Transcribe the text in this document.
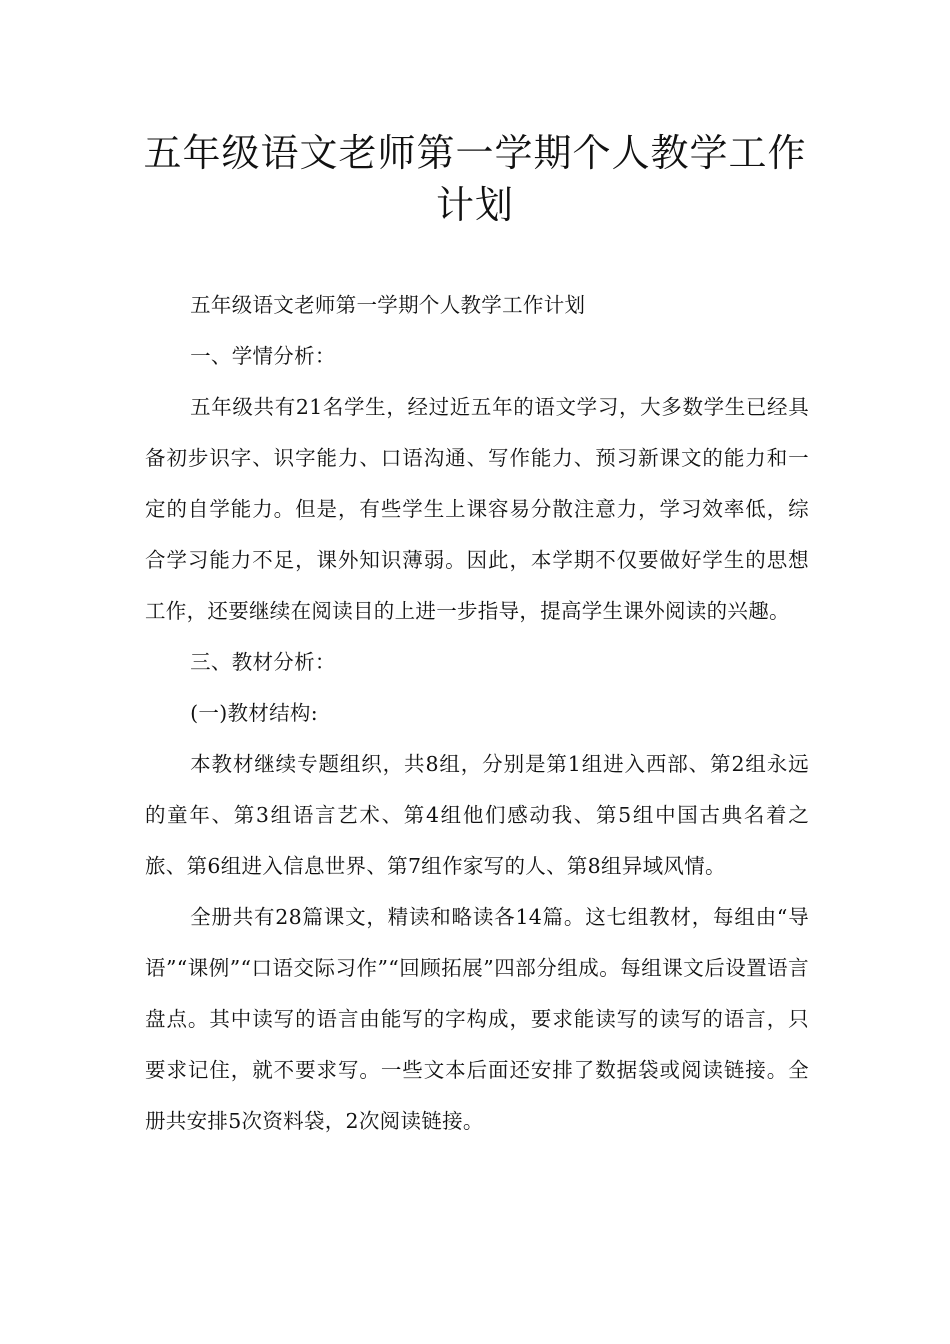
五年级语文老师第一学期个人教学工作
计划

五年级语文老师第一学期个人教学工作计划

一、学情分析：

五年级共有21名学生，经过近五年的语文学习，大多数学生已经具备初步识字、识字能力、口语沟通、写作能力、预习新课文的能力和一定的自学能力。但是，有些学生上课容易分散注意力，学习效率低，综合学习能力不足，课外知识薄弱。因此，本学期不仅要做好学生的思想工作，还要继续在阅读目的上进一步指导，提高学生课外阅读的兴趣。

三、教材分析：

(一)教材结构:

本教材继续专题组织，共8组，分别是第1组进入西部、第2组永远的童年、第3组语言艺术、第4组他们感动我、第5组中国古典名着之旅、第6组进入信息世界、第7组作家写的人、第8组异域风情。

全册共有28篇课文，精读和略读各14篇。这七组教材，每组由“导语”“课例”“口语交际习作”“回顾拓展”四部分组成。每组课文后设置语言盘点。其中读写的语言由能写的字构成，要求能读写的读写的语言，只要求记住，就不要求写。一些文本后面还安排了数据袋或阅读链接。全册共安排5次资料袋，2次阅读链接。
